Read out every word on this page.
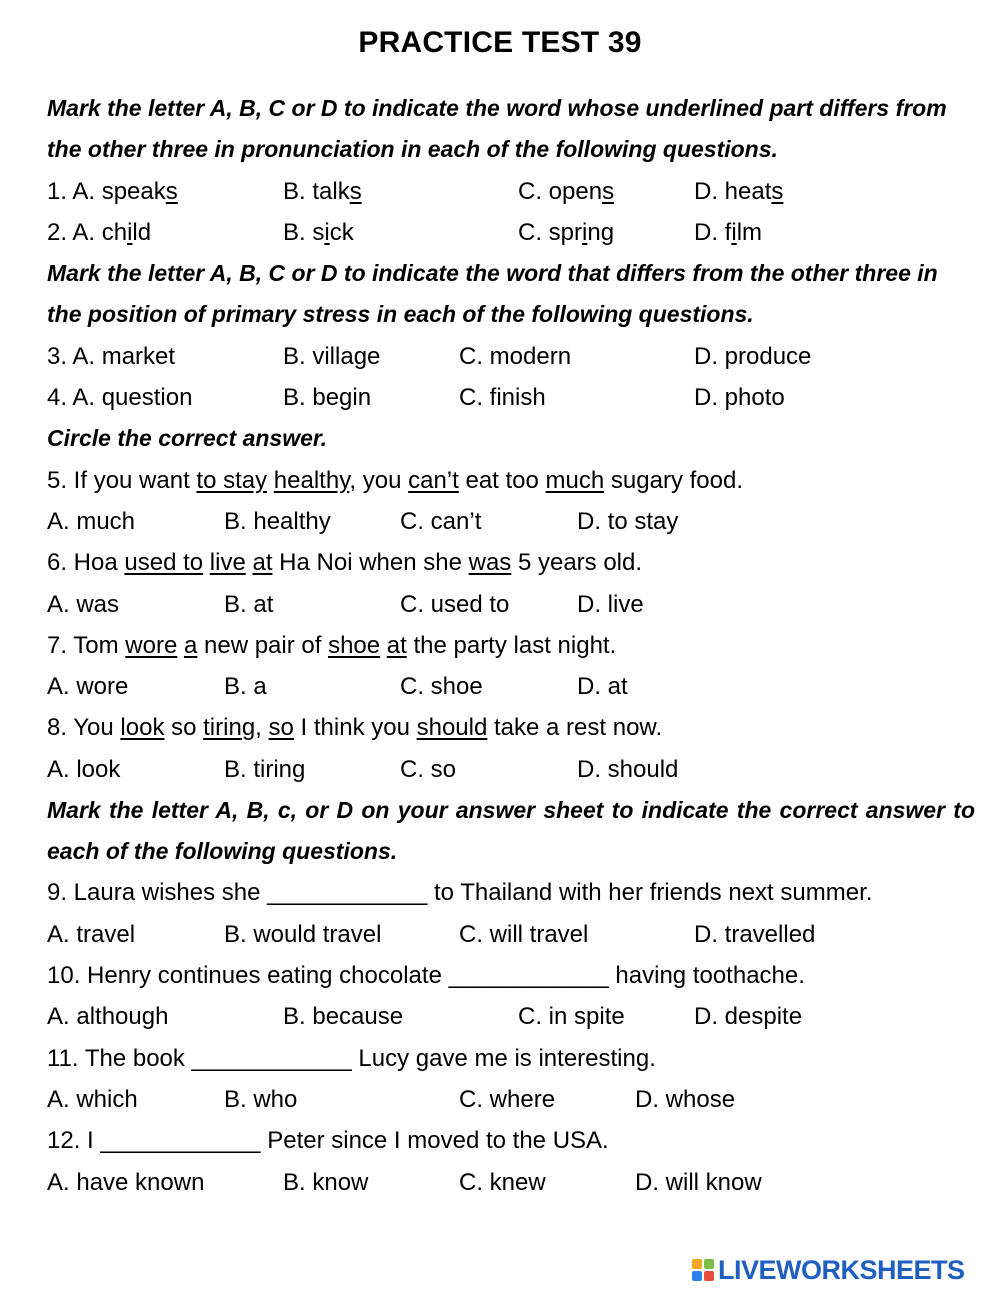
PRACTICE TEST 39
Mark the letter A, B, C or D to indicate the word whose underlined part differs from the other three in pronunciation in each of the following questions.
1. A. speaks	B. talks	C. opens	D. heats
2. A. child	B. sick	C. spring	D. film
Mark the letter A, B, C or D to indicate the word that differs from the other three in the position of primary stress in each of the following questions.
3. A. market	B. village	C. modern	D. produce
4. A. question	B. begin	C. finish	D. photo
Circle the correct answer.
5. If you want to stay healthy, you can’t eat too much sugary food.
A. much	B. healthy	C. can’t	D. to stay
6. Hoa used to live at Ha Noi when she was 5 years old.
A. was	B. at	C. used to	D. live
7. Tom wore a new pair of shoe at the party last night.
A. wore	B. a	C. shoe	D. at
8. You look so tiring, so I think you should take a rest now.
A. look	B. tiring	C. so	D. should
Mark the letter A, B, c, or D on your answer sheet to indicate the correct answer to each of the following questions.
9. Laura wishes she ____________ to Thailand with her friends next summer.
A. travel	B. would travel	C. will travel	D. travelled
10. Henry continues eating chocolate ____________ having toothache.
A. although	B. because	C. in spite	D. despite
11. The book ____________ Lucy gave me is interesting.
A. which	B. who	C. where	D. whose
12. I ____________ Peter since I moved to the USA.
A. have known	B. know	C. knew	D. will know
LIVEWORKSHEETS
